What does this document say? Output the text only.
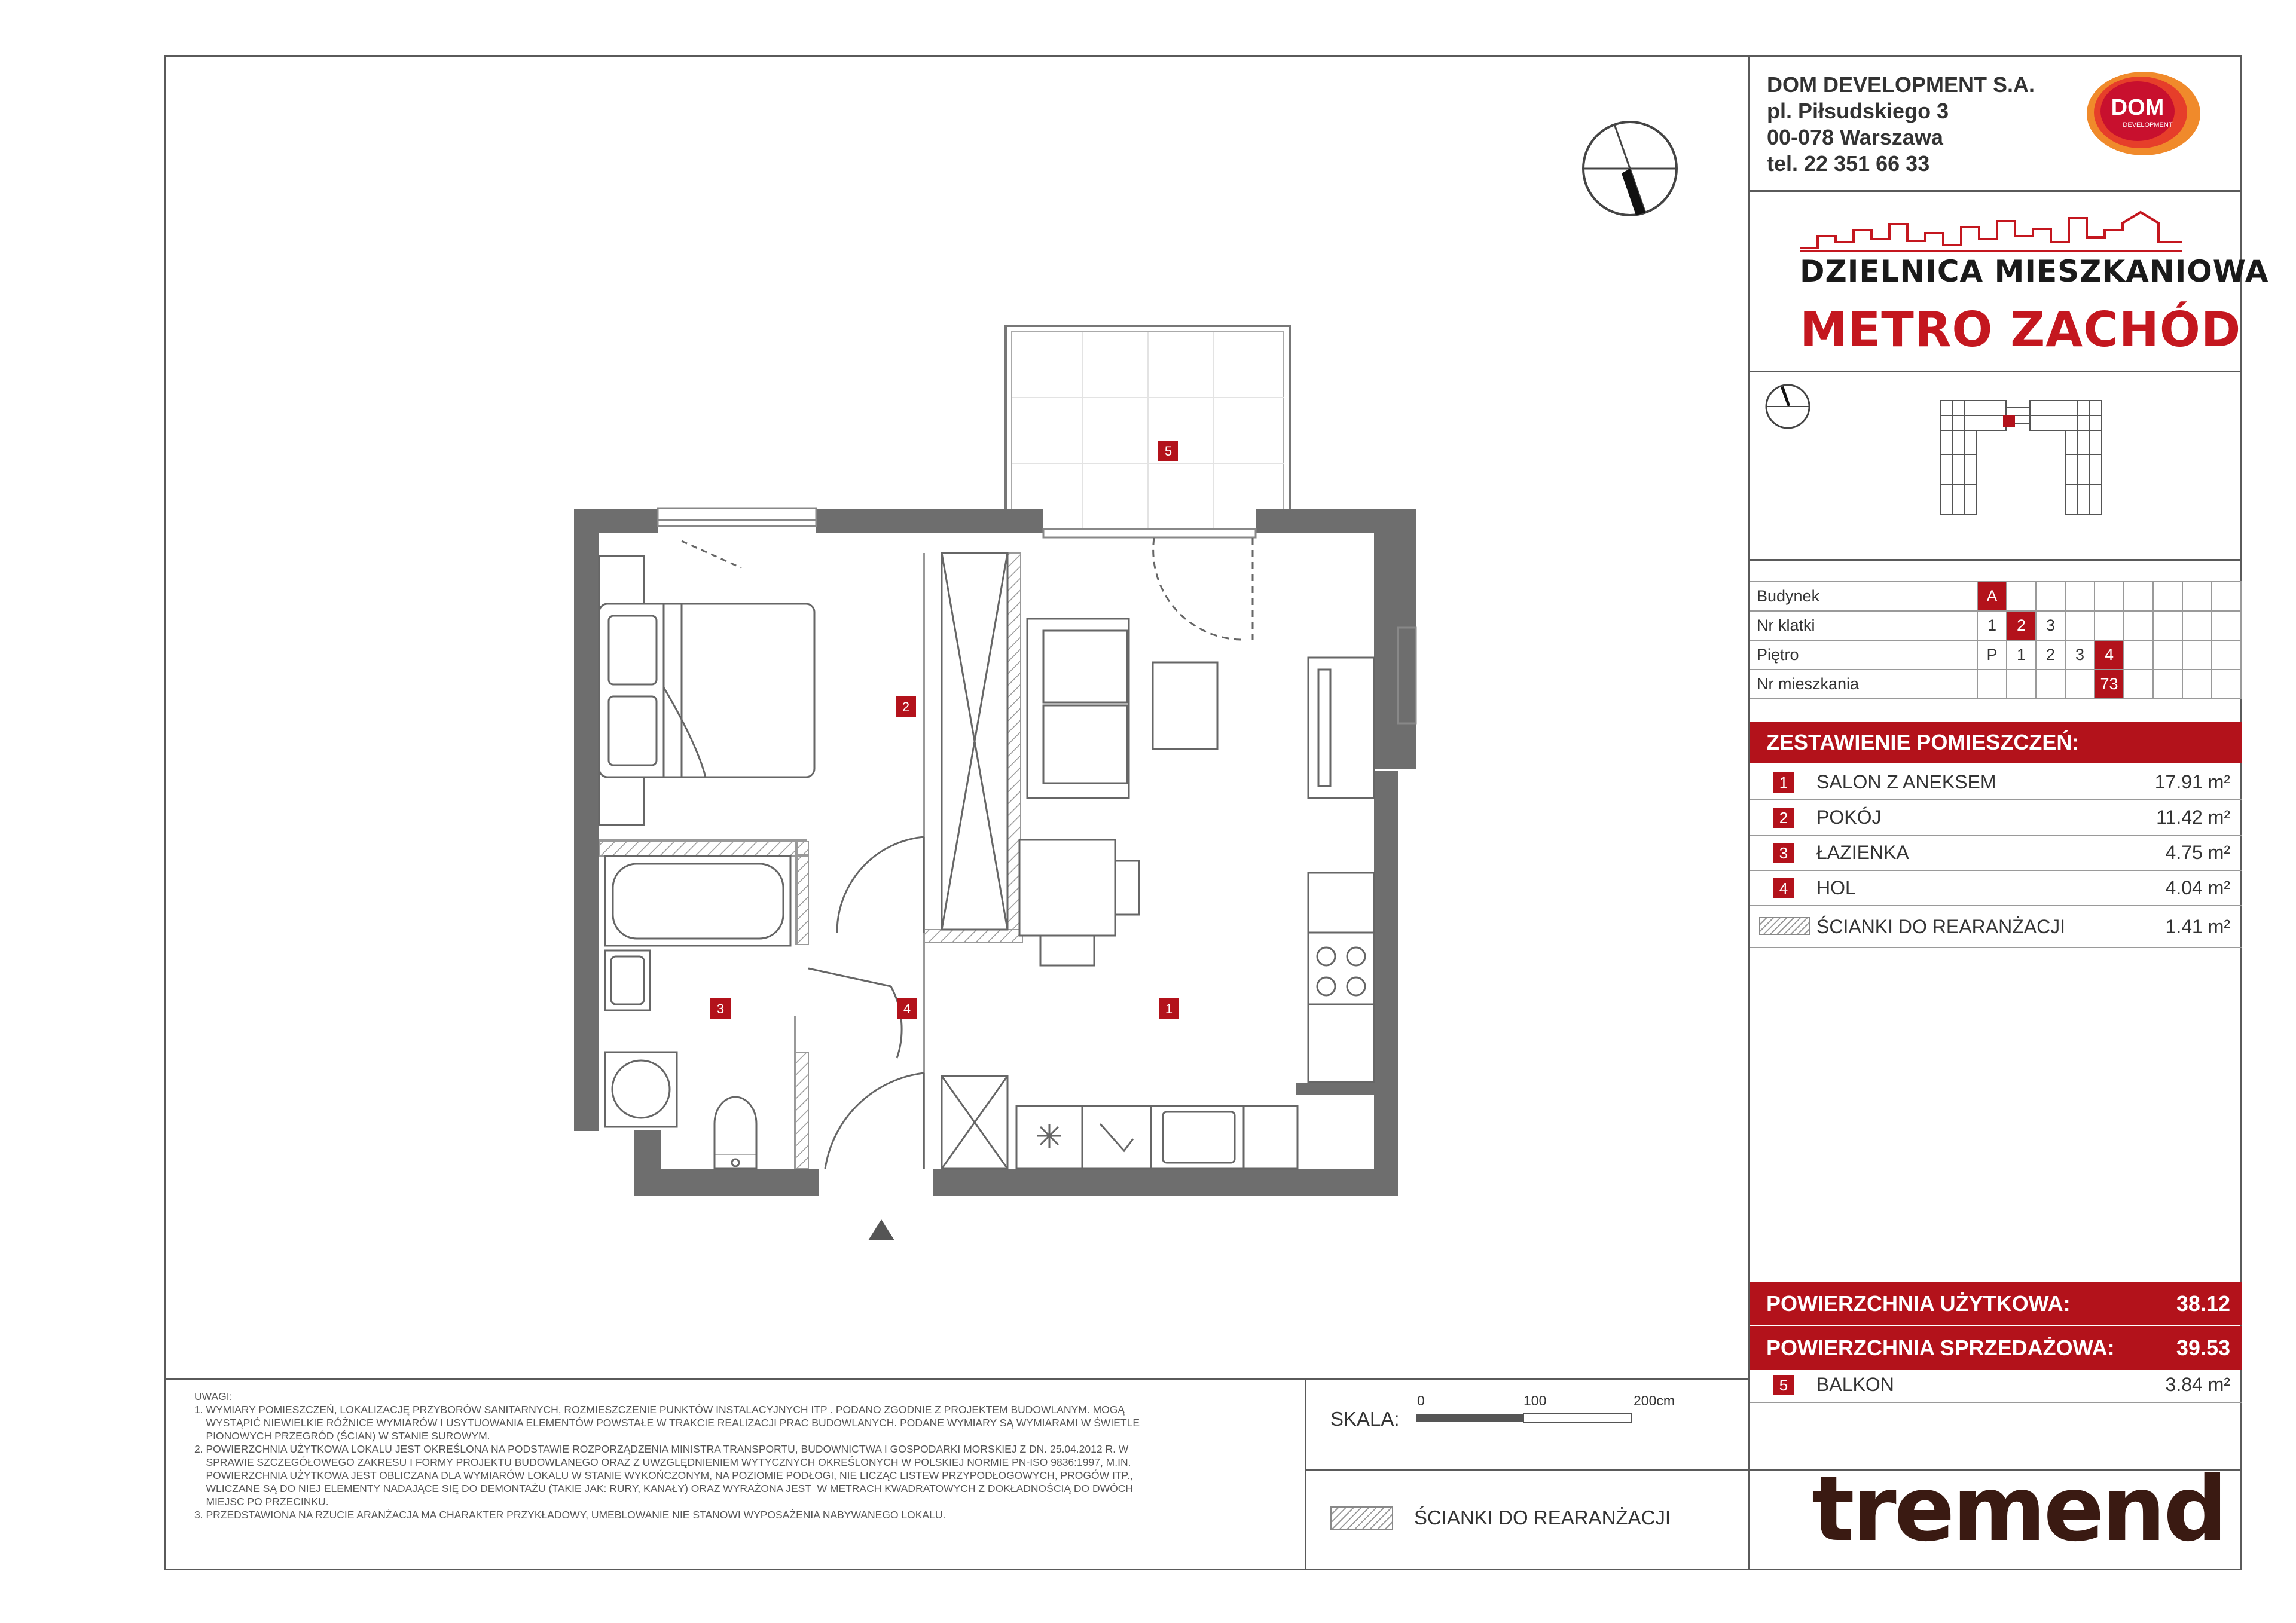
1
2
3	4
5
DOM DEVELOPMENT S.A.
pl. Piłsudskiego 3
00-078 Warszawa
tel. 22 351 66 33
DOM
DEVELOPMENT
DZIELNICA MIESZKANIOWA
METRO ZACHÓD
Budynek	A								
Nr klatki	1	2	3						
Piętro	P	1	2	3	4				
Nr mieszkania					73				
ZESTAWIENIE POMIESZCZEŃ:
1	SALON Z ANEKSEM	17.91 m²
2	POKÓJ	11.42 m²
3	ŁAZIENKA	4.75 m²
4	HOL	4.04 m²
ŚCIANKI DO REARANŻACJI	1.41 m²
POWIERZCHNIA UŻYTKOWA:	38.12
POWIERZCHNIA SPRZEDAŻOWA:	39.53
5	BALKON	3.84 m²
UWAGI:
1. WYMIARY POMIESZCZEŃ, LOKALIZACJĘ PRZYBORÓW SANITARNYCH, ROZMIESZCZENIE PUNKTÓW INSTALACYJNYCH ITP . PODANO ZGODNIE Z PROJEKTEM BUDOWLANYM. MOGĄ
WYSTĄPIĆ NIEWIELKIE RÓŻNICE WYMIARÓW I USYTUOWANIA ELEMENTÓW POWSTAŁE W TRAKCIE REALIZACJI PRAC BUDOWLANYCH. PODANE WYMIARY SĄ WYMIARAMI W ŚWIETLE
PIONOWYCH PRZEGRÓD (ŚCIAN) W STANIE SUROWYM.
2. POWIERZCHNIA UŻYTKOWA LOKALU JEST OKREŚLONA NA PODSTAWIE ROZPORZĄDZENIA MINISTRA TRANSPORTU, BUDOWNICTWA I GOSPODARKI MORSKIEJ Z DN. 25.04.2012 R. W
SPRAWIE SZCZEGÓŁOWEGO ZAKRESU I FORMY PROJEKTU BUDOWLANEGO ORAZ Z UWZGLĘDNIENIEM WYTYCZNYCH OKREŚLONYCH W POLSKIEJ NORMIE PN-ISO 9836:1997, M.IN.
POWIERZCHNIA UŻYTKOWA JEST OBLICZANA DLA WYMIARÓW LOKALU W STANIE WYKOŃCZONYM, NA POZIOMIE PODŁOGI, NIE LICZĄC LISTEW PRZYPODŁOGOWYCH, PROGÓW ITP.,
WLICZANE SĄ DO NIEJ ELEMENTY NADAJĄCE SIĘ DO DEMONTAŻU (TAKIE JAK: RURY, KANAŁY) ORAZ WYRAŻONA JEST  W METRACH KWADRATOWYCH Z DOKŁADNOŚCIĄ DO DWÓCH
MIEJSC PO PRZECINKU.
3. PRZEDSTAWIONA NA RZUCIE ARANŻACJA MA CHARAKTER PRZYKŁADOWY, UMEBLOWANIE NIE STANOWI WYPOSAŻENIA NABYWANEGO LOKALU.
SKALA:
0	100	200cm
ŚCIANKI DO REARANŻACJI tremend
